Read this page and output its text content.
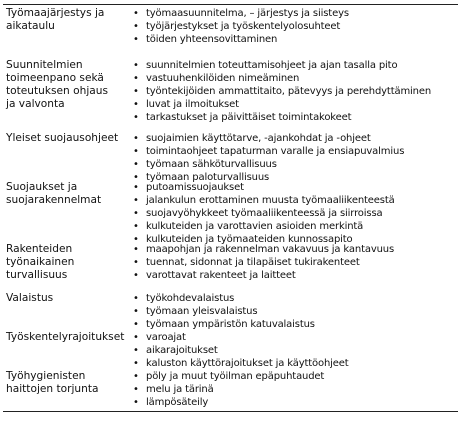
Työmaajärjestys ja
aikataulu
• työmaasuunnitelma, – järjestys ja siisteys
• työjärjestykset ja työskentelyolosuhteet
• töiden yhteensovittaminen
Suunnitelmien
toimeenpano sekä
toteutuksen ohjaus
ja valvonta
• suunnitelmien toteuttamisohjeet ja ajan tasalla pito
• vastuuhenkilöiden nimeäminen
• työntekijöiden ammattitaito, pätevyys ja perehdyttäminen
• luvat ja ilmoitukset
• tarkastukset ja päivittäiset toimintakokeet
Yleiset suojausohjeet	• suojaimien käyttötarve, -ajankohdat ja -ohjeet
• toimintaohjeet tapaturman varalle ja ensiapuvalmius
• työmaan sähköturvallisuus
• työmaan paloturvallisuus
Suojaukset ja
suojarakennelmat
• putoamissuojaukset
• jalankulun erottaminen muusta työmaaliikenteestä
• suojavyöhykkeet työmaaliikenteessä ja siirroissa
• kulkuteiden ja varottavien asioiden merkintä
• kulkuteiden ja työmaateiden kunnossapito
Rakenteiden
työnaikainen
turvallisuus
• maapohjan ja rakennelman vakavuus ja kantavuus
• tuennat, sidonnat ja tilapäiset tukirakenteet
• varottavat rakenteet ja laitteet
Valaistus	• työkohdevalaistus
• työmaan yleisvalaistus
• työmaan ympäristön katuvalaistus
Työskentelyrajoitukset	• varoajat
• aikarajoitukset
• kaluston käyttörajoitukset ja käyttöohjeet
Työhygienisten
haittojen torjunta
• pöly ja muut työilman epäpuhtaudet
• melu ja tärinä
• lämpösäteily
